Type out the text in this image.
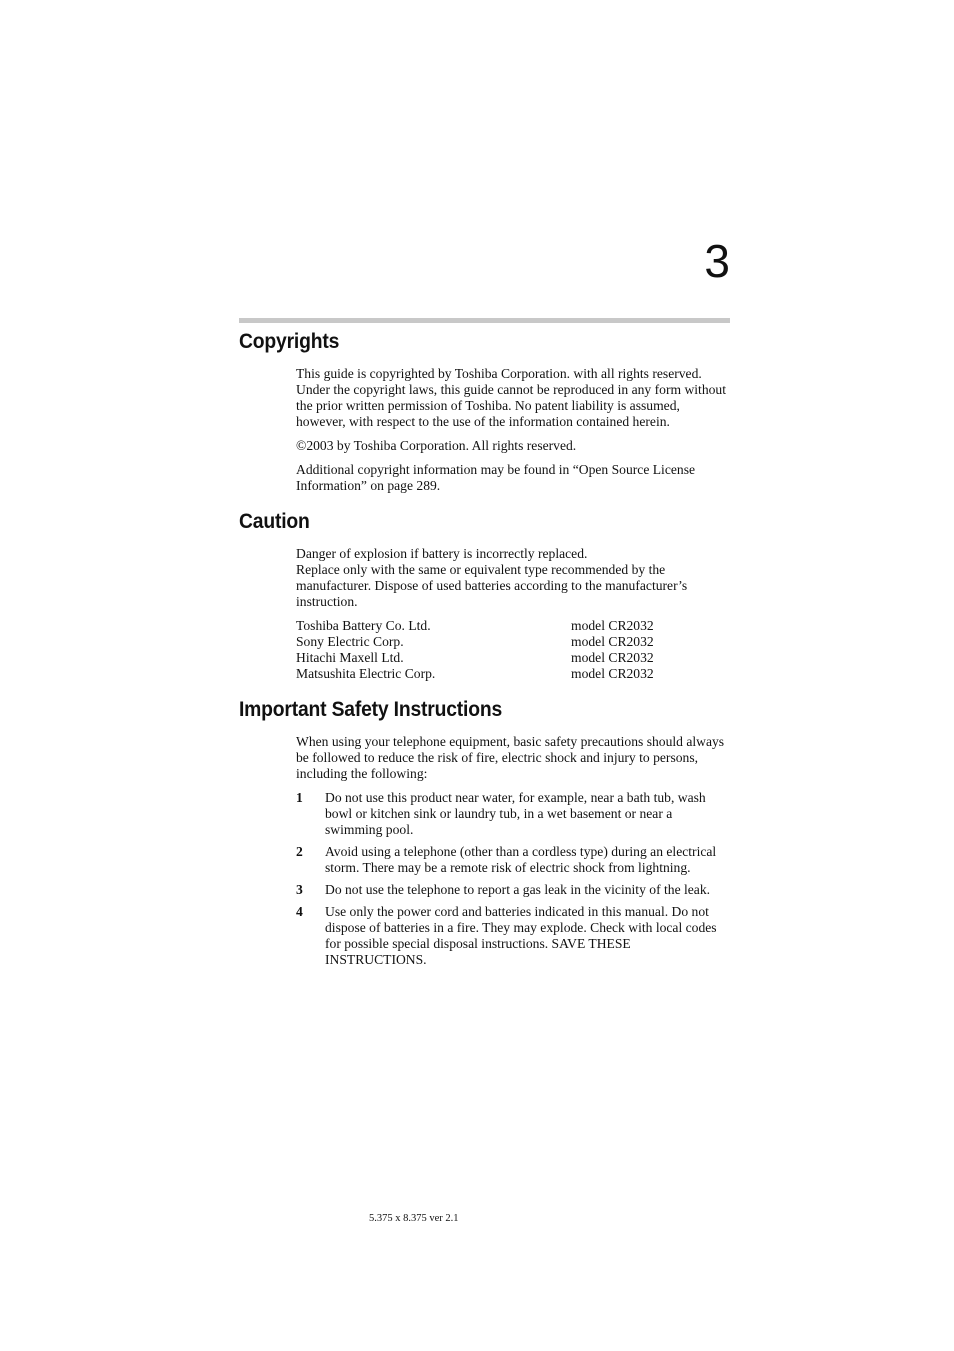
3
Copyrights

This guide is copyrighted by Toshiba Corporation. with all rights reserved. Under the copyright laws, this guide cannot be reproduced in any form without the prior written permission of Toshiba. No patent liability is assumed, however, with respect to the use of the information contained herein.

©2003 by Toshiba Corporation. All rights reserved.

Additional copyright information may be found in “Open Source License Information” on page 289.

Caution

Danger of explosion if battery is incorrectly replaced.
Replace only with the same or equivalent type recommended by the manufacturer. Dispose of used batteries according to the manufacturer’s instruction.

Toshiba Battery Co. Ltd.	model CR2032
Sony Electric Corp.	model CR2032
Hitachi Maxell Ltd.	model CR2032
Matsushita Electric Corp.	model CR2032
Important Safety Instructions

When using your telephone equipment, basic safety precautions should always be followed to reduce the risk of fire, electric shock and injury to persons, including the following:

1	Do not use this product near water, for example, near a bath tub, wash bowl or kitchen sink or laundry tub, in a wet basement or near a swimming pool.
2	Avoid using a telephone (other than a cordless type) during an electrical storm. There may be a remote risk of electric shock from lightning.
3	Do not use the telephone to report a gas leak in the vicinity of the leak.
4	Use only the power cord and batteries indicated in this manual. Do not dispose of batteries in a fire. They may explode. Check with local codes for possible special disposal instructions. SAVE THESE INSTRUCTIONS.
5.375 x 8.375 ver 2.1
